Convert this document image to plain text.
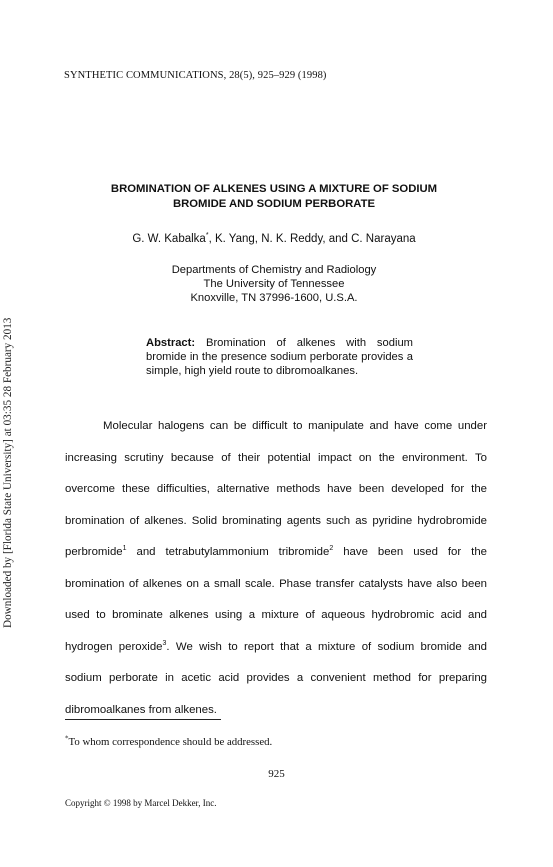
SYNTHETIC COMMUNICATIONS, 28(5), 925–929 (1998)
Downloaded by [Florida State University] at 03:35 28 February 2013
BROMINATION OF ALKENES USING A MIXTURE OF SODIUM
BROMIDE AND SODIUM PERBORATE
G. W. Kabalka*, K. Yang, N. K. Reddy, and C. Narayana
Departments of Chemistry and Radiology
The University of Tennessee
Knoxville, TN 37996-1600, U.S.A.
Abstract: Bromination of alkenes with sodium bromide in the presence sodium perborate provides a simple, high yield route to dibromoalkanes.

Molecular halogens can be difficult to manipulate and have come under increasing scrutiny because of their potential impact on the environment. To overcome these difficulties, alternative methods have been developed for the bromination of alkenes. Solid brominating agents such as pyridine hydrobromide perbromide$^1$ and tetrabutylammonium tribromide$^2$ have been used for the bromination of alkenes on a small scale. Phase transfer catalysts have also been used to brominate alkenes using a mixture of aqueous hydrobromic acid and hydrogen peroxide$^3$. We wish to report that a mixture of sodium bromide and sodium perborate in acetic acid provides a convenient method for preparing dibromoalkanes from alkenes.

*To whom correspondence should be addressed.
925
Copyright © 1998 by Marcel Dekker, Inc.
